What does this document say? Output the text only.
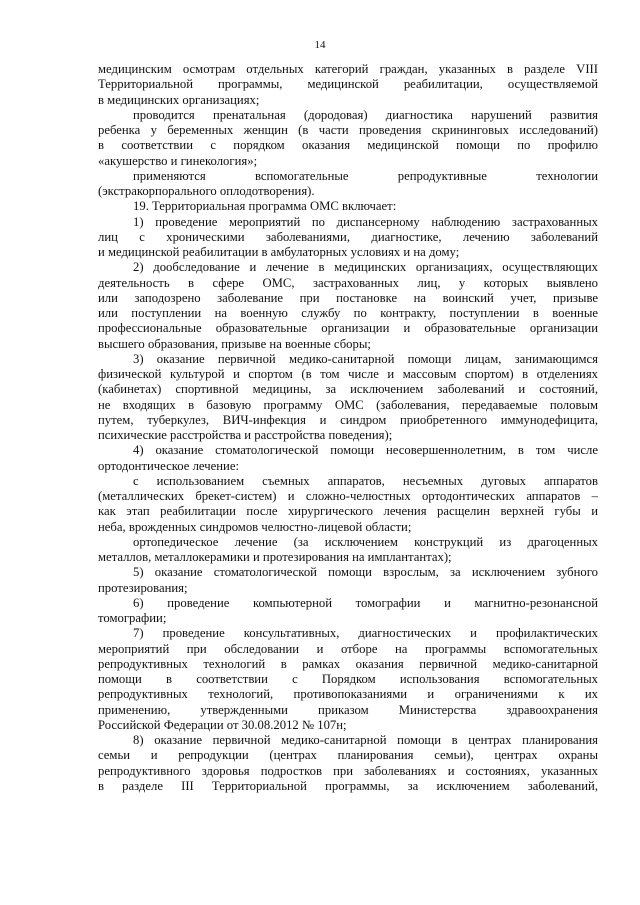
14

медицинским осмотрам отдельных категорий граждан, указанных в разделе VIII

Территориальной программы, медицинской реабилитации, осуществляемой

в медицинских организациях;

проводится пренатальная (дородовая) диагностика нарушений развития

ребенка у беременных женщин (в части проведения скрининговых исследований)

в соответствии с порядком оказания медицинской помощи по профилю

«акушерство и гинекология»;

применяются вспомогательные репродуктивные технологии

(экстракорпорального оплодотворения).

19. Территориальная программа ОМС включает:

1) проведение мероприятий по диспансерному наблюдению застрахованных

лиц с хроническими заболеваниями, диагностике, лечению заболеваний

и медицинской реабилитации в амбулаторных условиях и на дому;

2) дообследование и лечение в медицинских организациях, осуществляющих

деятельность в сфере ОМС, застрахованных лиц, у которых выявлено

или заподозрено заболевание при постановке на воинский учет, призыве

или поступлении на военную службу по контракту, поступлении в военные

профессиональные образовательные организации и образовательные организации

высшего образования, призыве на военные сборы;

3) оказание первичной медико-санитарной помощи лицам, занимающимся

физической культурой и спортом (в том числе и массовым спортом) в отделениях

(кабинетах) спортивной медицины, за исключением заболеваний и состояний,

не входящих в базовую программу ОМС (заболевания, передаваемые половым

путем, туберкулез, ВИЧ-инфекция и синдром приобретенного иммунодефицита,

психические расстройства и расстройства поведения);

4) оказание стоматологической помощи несовершеннолетним, в том числе

ортодонтическое лечение:

с использованием съемных аппаратов, несъемных дуговых аппаратов

(металлических брекет-систем) и сложно-челюстных ортодонтических аппаратов –

как этап реабилитации после хирургического лечения расщелин верхней губы и

неба, врожденных синдромов челюстно-лицевой области;

ортопедическое лечение (за исключением конструкций из драгоценных

металлов, металлокерамики и протезирования на имплантантах);

5) оказание стоматологической помощи взрослым, за исключением зубного

протезирования;

6) проведение компьютерной томографии и магнитно-резонансной

томографии;

7) проведение консультативных, диагностических и профилактических

мероприятий при обследовании и отборе на программы вспомогательных

репродуктивных технологий в рамках оказания первичной медико-санитарной

помощи в соответствии с Порядком использования вспомогательных

репродуктивных технологий, противопоказаниями и ограничениями к их

применению, утвержденными приказом Министерства здравоохранения

Российской Федерации от 30.08.2012 № 107н;

8) оказание первичной медико-санитарной помощи в центрах планирования

семьи и репродукции (центрах планирования семьи), центрах охраны

репродуктивного здоровья подростков при заболеваниях и состояниях, указанных

в разделе III Территориальной программы, за исключением заболеваний,
